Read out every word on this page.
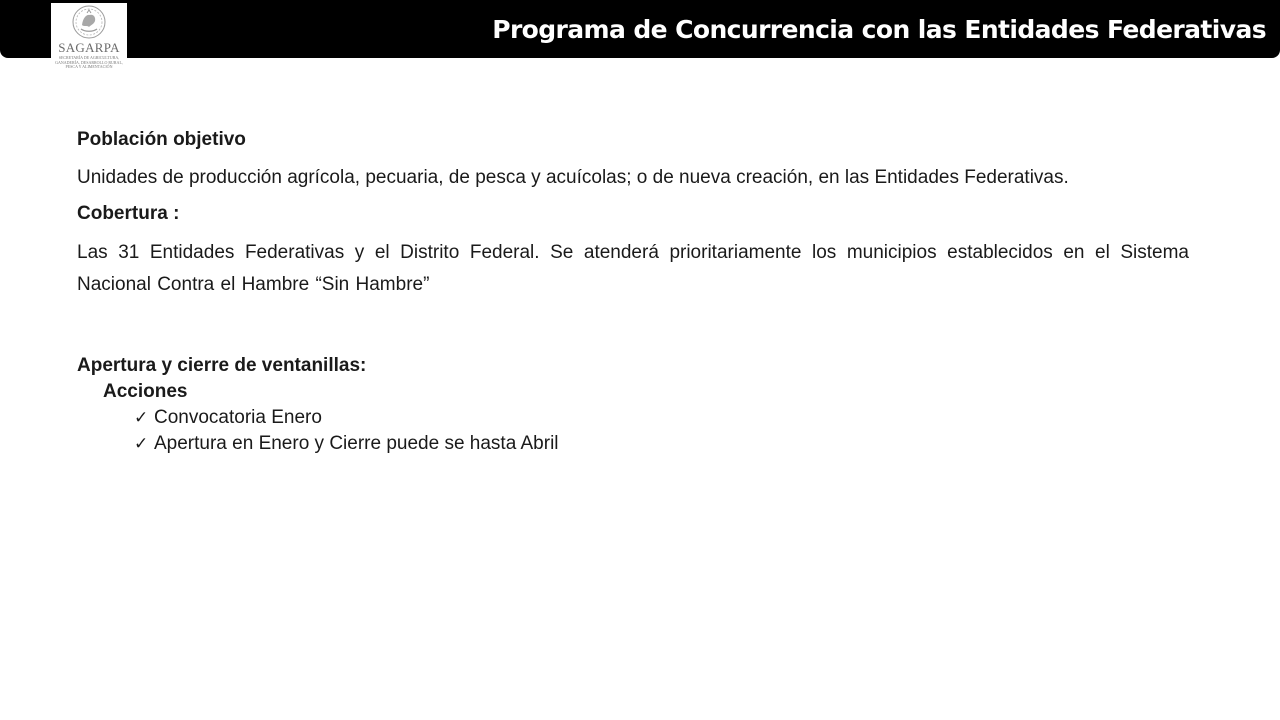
Programa de Concurrencia con las Entidades Federativas
SAGARPA
SECRETARÍA DE AGRICULTURA, GANADERÍA, DESARROLLO RURAL, PESCA Y ALIMENTACIÓN

Población objetivo

Unidades de producción agrícola, pecuaria, de pesca y acuícolas; o de nueva creación, en las Entidades Federativas.

Cobertura :

Las 31 Entidades Federativas y el Distrito Federal. Se atenderá prioritariamente los municipios establecidos en el Sistema Nacional Contra el Hambre “Sin Hambre”

Apertura y cierre de ventanillas:

Acciones

✓ Convocatoria Enero
✓ Apertura en Enero y Cierre puede se hasta Abril
